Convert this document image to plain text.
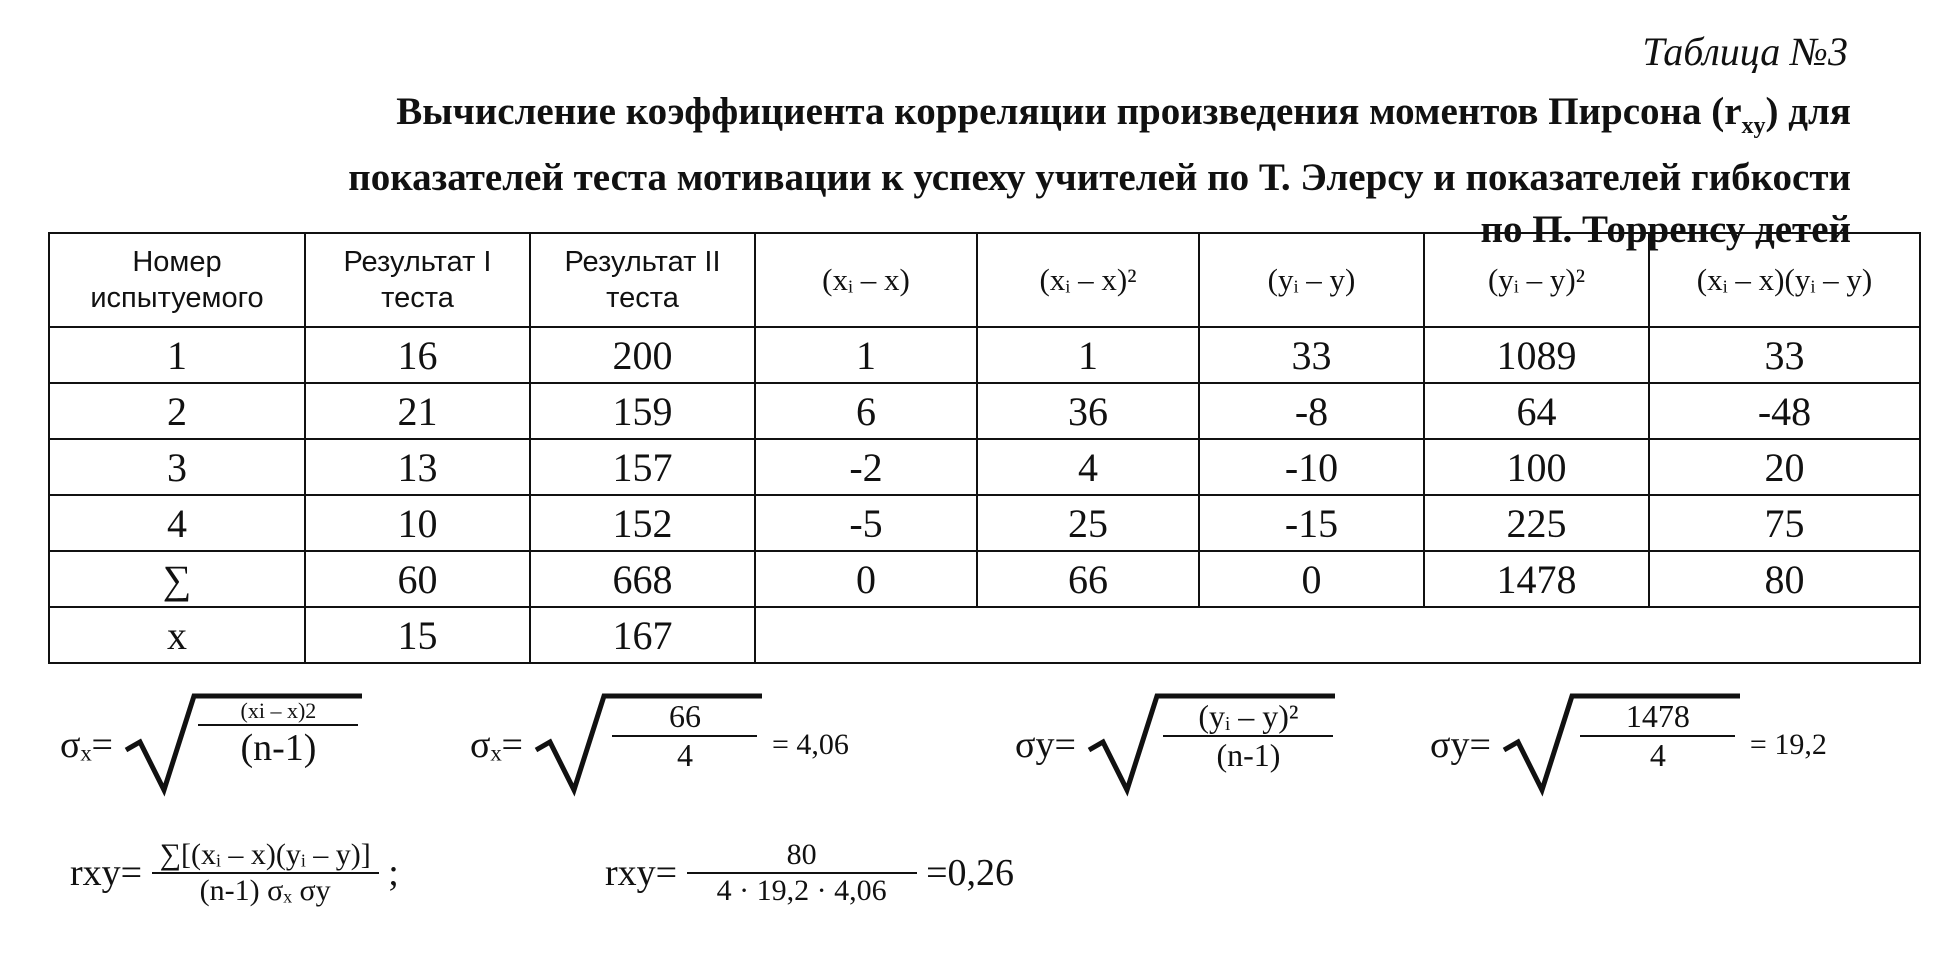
Таблица №3
Вычисление коэффициента корреляции произведения моментов Пирсона $(r_{xy})$ для
показателей теста мотивации к успеху учителей по Т. Элерсу и показателей гибкости
по П. Торренсу детей
Номер испытуемого	Результат I теста	Результат II теста	(xᵢ – x)	(xᵢ – x)²	(yᵢ – y)	(yᵢ – y)²	(xᵢ – x)(yᵢ – y)
1	16	200	1	1	33	1089	33
2	21	159	6	36	-8	64	-48
3	13	157	-2	4	-10	100	20
4	10	152	-5	25	-15	225	75
∑	60	668	0	66	0	1478	80
x	15	167					
σₓ=
(xi – x)2
(n-1)	σₓ=	$\frac{66}{4} = 4,06$	σy=	$\frac{\text{(yᵢ – y)²}}{(n-1)}$	σy=	$\frac{1478}{4} = 19,2$
$rxy= \frac{\text{∑[(xᵢ – x)(yᵢ – y)]}}{\text{(n-1) σₓ σy}}$ ;	$rxy= \frac{80}{4 \cdot 19,2 \cdot 4,06} =0,26$
